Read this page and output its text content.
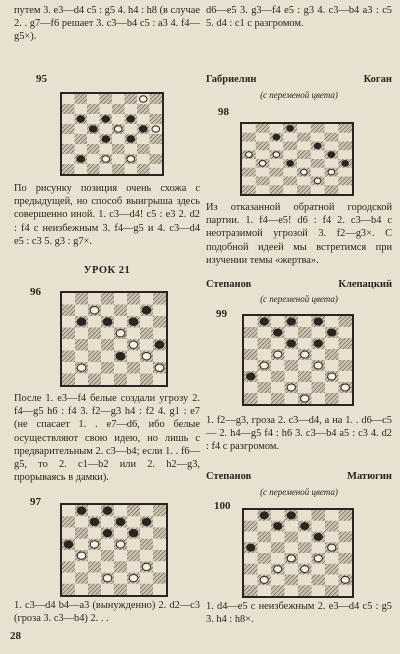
путем 3. e3—d4 c5 : g5 4. h4 : h8 (в случае 2. . g7—f6 решает 3. c3—b4 c5 : a3 4. f4—g5×).
95
По рисунку позиция очень схожа с предыдущей, но способ выигрыша здесь совершенно иной. 1. c3—d4! c5 : e3 2. d2 : f4 с неизбежным 3. f4—g5 и 4. c3—d4 e5 : c3 5. g3 : g7×.
УРОК 21
96
После 1. e3—f4 белые создали угрозу 2. f4—g5 h6 : f4 3. f2—g3 h4 : f2 4. g1 : e7 (не спасает 1. . e7—d6, ибо белые осуществляют свою идею, но лишь с предварительным 2. c3—b4; если 1. . f6—g5, то 2. c1—b2 или 2. h2—g3, прорываясь в дамки).
97
1. c3—d4 b4—a3 (вынужденно) 2. d2—c3 (гроза 3. c3—b4) 2. . .
d6—e5 3. g3—f4 e5 : g3 4. c3—b4 a3 : c5 5. d4 : c1 с разгромом.
Габриелян	Коган
(с переменой цвета)
98
Из отказанной обратной городской партии. 1. f4—e5! d6 : f4 2. c3—b4 с неотразимой угрозой 3. f2—g3×. С подобной идеей мы встретимся при изучении темы «жертва».
Степанов	Клепацкий
(с переменой цвета)
99
1. f2—g3, гроза 2. c3—d4, а на 1. . d6—c5 — 2. h4—g5 f4 : h6 3. c3—b4 a5 : c3 4. d2 : f4 с разгромом.
Степанов	Матюгин
(с переменой цвета)
100
1. d4—e5 с неизбежным 2. e3—d4 c5 : g5 3. h4 : h8×.
28
